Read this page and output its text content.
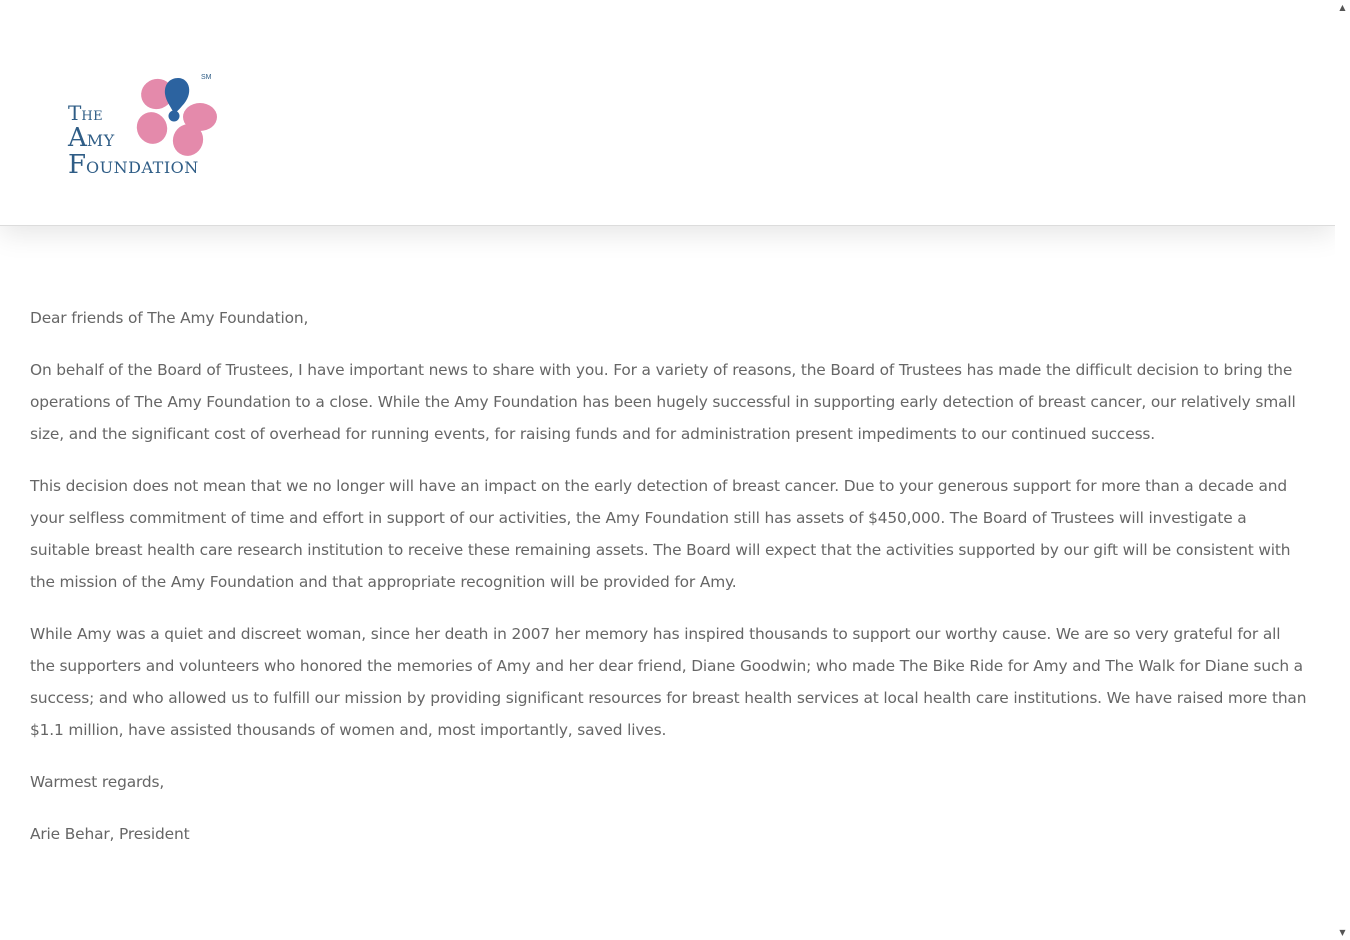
SM
THE
AMY
FOUNDATION

Dear friends of The Amy Foundation,

On behalf of the Board of Trustees, I have important news to share with you. For a variety of reasons, the Board of Trustees has made the difficult decision to bring the operations of The Amy Foundation to a close. While the Amy Foundation has been hugely successful in supporting early detection of breast cancer, our relatively small size, and the significant cost of overhead for running events, for raising funds and for administration present impediments to our continued success.

This decision does not mean that we no longer will have an impact on the early detection of breast cancer. Due to your generous support for more than a decade and your selfless commitment of time and effort in support of our activities, the Amy Foundation still has assets of $450,000. The Board of Trustees will investigate a suitable breast health care research institution to receive these remaining assets. The Board will expect that the activities supported by our gift will be consistent with the mission of the Amy Foundation and that appropriate recognition will be provided for Amy.

While Amy was a quiet and discreet woman, since her death in 2007 her memory has inspired thousands to support our worthy cause. We are so very grateful for all the supporters and volunteers who honored the memories of Amy and her dear friend, Diane Goodwin; who made The Bike Ride for Amy and The Walk for Diane such a success; and who allowed us to fulfill our mission by providing significant resources for breast health services at local health care institutions. We have raised more than $1.1 million, have assisted thousands of women and, most importantly, saved lives.

Warmest regards,

Arie Behar, President

▲
▼
